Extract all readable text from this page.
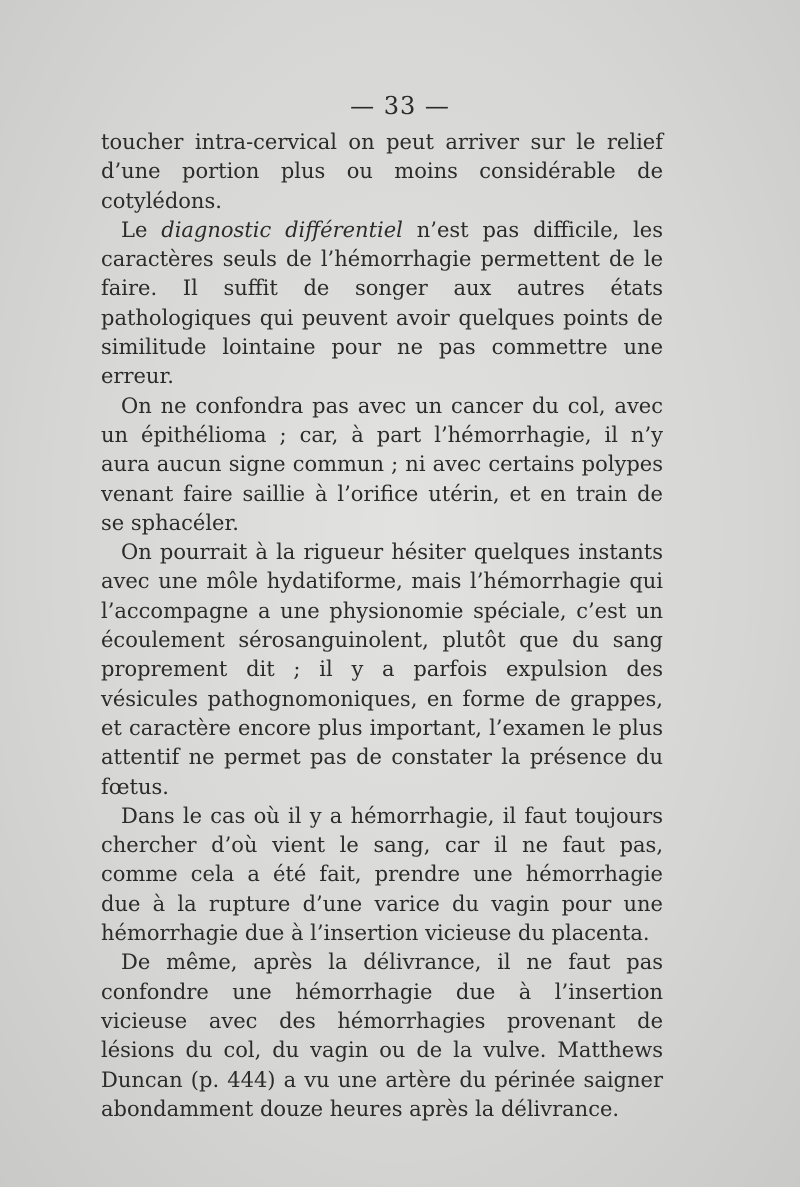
— 33 —

toucher intra-cervical on peut arriver sur le relief d’une portion plus ou moins considérable de cotylédons.

Le diagnostic différentiel n’est pas difficile, les caractères seuls de l’hémorrhagie permettent de le faire. Il suffit de songer aux autres états pathologiques qui peuvent avoir quelques points de similitude lointaine pour ne pas commettre une erreur.

On ne confondra pas avec un cancer du col, avec un épithélioma ; car, à part l’hémorrhagie, il n’y aura aucun signe commun ; ni avec certains polypes venant faire saillie à l’orifice utérin, et en train de se sphacéler.

On pourrait à la rigueur hésiter quelques instants avec une môle hydatiforme, mais l’hémorrhagie qui l’accompagne a une physionomie spéciale, c’est un écoulement sérosanguinolent, plutôt que du sang proprement dit ; il y a parfois expulsion des vésicules pathognomoniques, en forme de grappes, et caractère encore plus important, l’examen le plus attentif ne permet pas de constater la présence du fœtus.

Dans le cas où il y a hémorrhagie, il faut toujours chercher d’où vient le sang, car il ne faut pas, comme cela a été fait, prendre une hémorrhagie due à la rupture d’une varice du vagin pour une hémorrhagie due à l’insertion vicieuse du placenta.

De même, après la délivrance, il ne faut pas confondre une hémorrhagie due à l’insertion vicieuse avec des hémorrhagies provenant de lésions du col, du vagin ou de la vulve. Matthews Duncan (p. 444) a vu une artère du périnée saigner abondamment douze heures après la délivrance.
